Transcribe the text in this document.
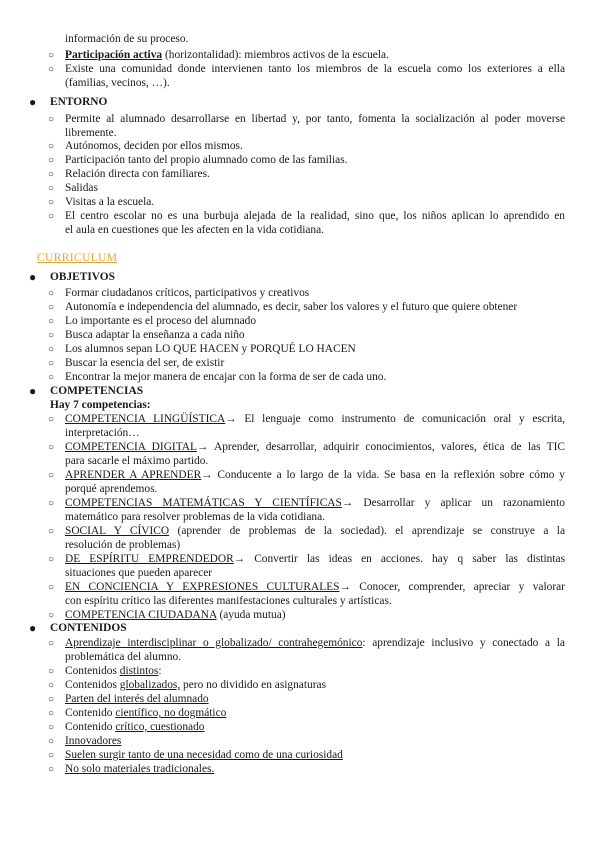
información de su proceso.
○ Participación activa (horizontalidad): miembros activos de la escuela.
○ Existe una comunidad donde intervienen tanto los miembros de la escuela como los exteriores a ella
(familias, vecinos, …).
● ENTORNO
○ Permite al alumnado desarrollarse en libertad y, por tanto, fomenta la socialización al poder moverse
libremente.
○ Autónomos, deciden por ellos mismos.
○ Participación tanto del propio alumnado como de las familias.
○ Relación directa con familiares.
○ Salidas
○ Visitas a la escuela.
○ El centro escolar no es una burbuja alejada de la realidad, sino que, los niños aplican lo aprendido en
el aula en cuestiones que les afecten en la vida cotidiana.
CURRICULUM
● OBJETIVOS
○ Formar ciudadanos críticos, participativos y creativos
○ Autonomía e independencia del alumnado, es decir, saber los valores y el futuro que quiere obtener
○ Lo importante es el proceso del alumnado
○ Busca adaptar la enseñanza a cada niño
○ Los alumnos sepan LO QUE HACEN y PORQUÉ LO HACEN
○ Buscar la esencia del ser, de existir
○ Encontrar la mejor manera de encajar con la forma de ser de cada uno.
● COMPETENCIAS
Hay 7 competencias:
○ COMPETENCIA LINGÜÍSTICA→ El lenguaje como instrumento de comunicación oral y escrita,
interpretación…
○ COMPETENCIA DIGITAL→ Aprender, desarrollar, adquirir conocimientos, valores, ética de las TIC
para sacarle el máximo partido.
○ APRENDER A APRENDER→ Conducente a lo largo de la vida. Se basa en la reflexión sobre cómo y
porqué aprendemos.
○ COMPETENCIAS MATEMÁTICAS Y CIENTÍFICAS→ Desarrollar y aplicar un razonamiento
matemático para resolver problemas de la vida cotidiana.
○ SOCIAL Y CÍVICO (aprender de problemas de la sociedad). el aprendizaje se construye a la
resolución de problemas)
○ DE ESPÍRITU EMPRENDEDOR→ Convertir las ideas en acciones. hay q saber las distintas
situaciones que pueden aparecer
○ EN CONCIENCIA Y EXPRESIONES CULTURALES→ Conocer, comprender, apreciar y valorar
con espíritu crítico las diferentes manifestaciones culturales y artísticas.
○ COMPETENCIA CIUDADANA (ayuda mutua)
● CONTENIDOS
○ Aprendizaje interdisciplinar o globalizado/ contrahegemónico: aprendizaje inclusivo y conectado a la
problemática del alumno.
○ Contenidos distintos:
○ Contenidos globalizados, pero no dividido en asignaturas
○ Parten del interés del alumnado
○ Contenido científico, no dogmático
○ Contenido crítico, cuestionado
○ Innovadores
○ Suelen surgir tanto de una necesidad como de una curiosidad
○ No solo materiales tradicionales.
